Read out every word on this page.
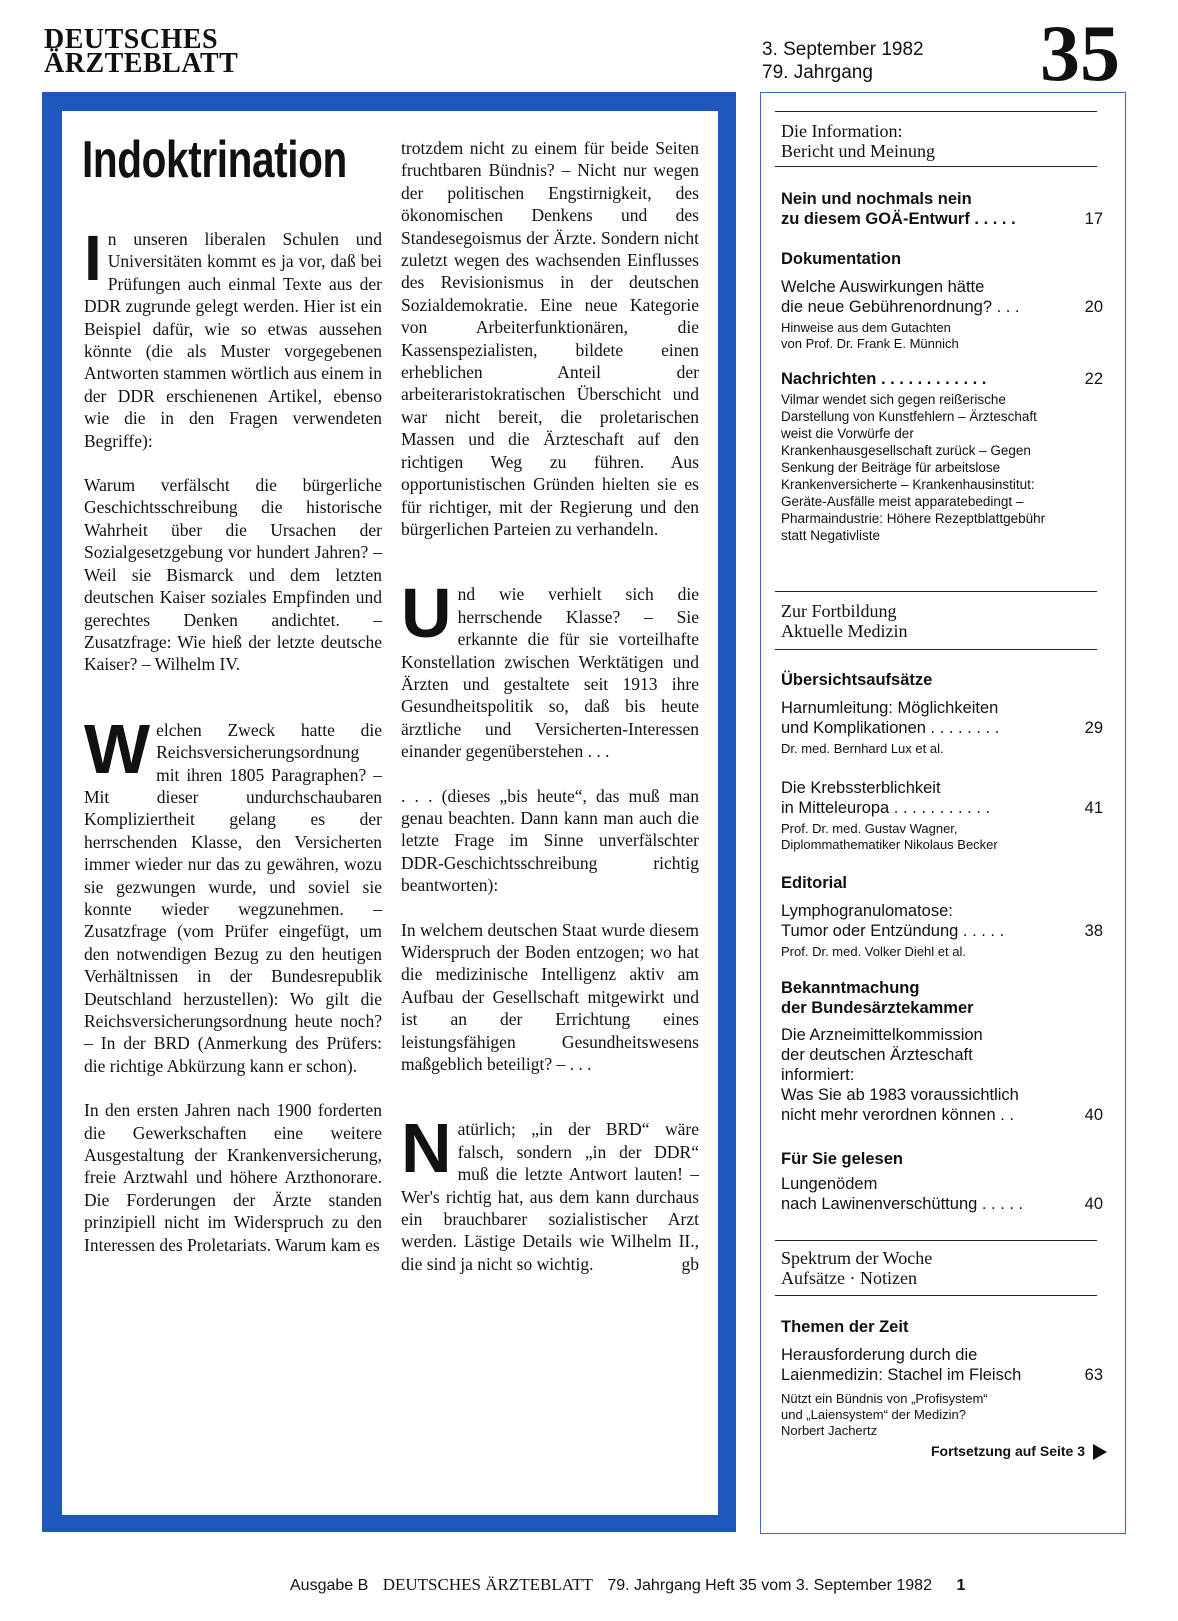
DEUTSCHES
ÄRZTEBLATT	3. September 1982
79. Jahrgang	35
Indoktrination

In unseren liberalen Schulen und Universitäten kommt es ja vor, daß bei Prüfungen auch einmal Texte aus der DDR zugrunde gelegt werden. Hier ist ein Beispiel dafür, wie so etwas aussehen könnte (die als Muster vorgegebenen Antworten stammen wörtlich aus einem in der DDR erschienenen Artikel, ebenso wie die in den Fragen verwendeten Begriffe):

Warum verfälscht die bürgerliche Geschichtsschreibung die historische Wahrheit über die Ursachen der Sozialgesetzgebung vor hundert Jahren? – Weil sie Bismarck und dem letzten deutschen Kaiser soziales Empfinden und gerechtes Denken andichtet. – Zusatzfrage: Wie hieß der letzte deutsche Kaiser? – Wilhelm IV.

Welchen Zweck hatte die Reichsversicherungsordnung mit ihren 1805 Paragraphen? – Mit dieser undurchschaubaren Kompliziertheit gelang es der herrschenden Klasse, den Versicherten immer wieder nur das zu gewähren, wozu sie gezwungen wurde, und soviel sie konnte wieder wegzunehmen. – Zusatzfrage (vom Prüfer eingefügt, um den notwendigen Bezug zu den heutigen Verhältnissen in der Bundesrepublik Deutschland herzustellen): Wo gilt die Reichsversicherungsordnung heute noch? – In der BRD (Anmerkung des Prüfers: die richtige Abkürzung kann er schon).

In den ersten Jahren nach 1900 forderten die Gewerkschaften eine weitere Ausgestaltung der Krankenversicherung, freie Arztwahl und höhere Arzthonorare. Die Forderungen der Ärzte standen prinzipiell nicht im Widerspruch zu den Interessen des Proletariats. Warum kam es

trotzdem nicht zu einem für beide Seiten fruchtbaren Bündnis? – Nicht nur wegen der politischen Engstirnigkeit, des ökonomischen Denkens und des Standesegoismus der Ärzte. Sondern nicht zuletzt wegen des wachsenden Einflusses des Revisionismus in der deutschen Sozialdemokratie. Eine neue Kategorie von Arbeiterfunktionären, die Kassenspezialisten, bildete einen erheblichen Anteil der arbeiteraristokratischen Überschicht und war nicht bereit, die proletarischen Massen und die Ärzteschaft auf den richtigen Weg zu führen. Aus opportunistischen Gründen hielten sie es für richtiger, mit der Regierung und den bürgerlichen Parteien zu verhandeln.

Und wie verhielt sich die herrschende Klasse? – Sie erkannte die für sie vorteilhafte Konstellation zwischen Werktätigen und Ärzten und gestaltete seit 1913 ihre Gesundheitspolitik so, daß bis heute ärztliche und Versicherten-Interessen einander gegenüberstehen . . .

. . . (dieses „bis heute“, das muß man genau beachten. Dann kann man auch die letzte Frage im Sinne unverfälschter DDR-Geschichtsschreibung richtig beantworten):

In welchem deutschen Staat wurde diesem Widerspruch der Boden entzogen; wo hat die medizinische Intelligenz aktiv am Aufbau der Gesellschaft mitgewirkt und ist an der Errichtung eines leistungsfähigen Gesundheitswesens maßgeblich beteiligt? – . . .

Natürlich; „in der BRD“ wäre falsch, sondern „in der DDR“ muß die letzte Antwort lauten! – Wer's richtig hat, aus dem kann durchaus ein brauchbarer sozialistischer Arzt werden. Lästige Details wie Wilhelm II., die sind ja nicht so wichtig.	gb
Die Information:
Bericht und Meinung
Nein und nochmals nein
zu diesem GOÄ-Entwurf . . . . .	17
Dokumentation
Welche Auswirkungen hätte
die neue Gebührenordnung? . . .	20
Hinweise aus dem Gutachten
von Prof. Dr. Frank E. Münnich
Nachrichten . . . . . . . . . . . .	22
Vilmar wendet sich gegen reißerische Darstellung von Kunstfehlern – Ärzteschaft weist die Vorwürfe der Krankenhausgesellschaft zurück – Gegen Senkung der Beiträge für arbeitslose Krankenversicherte – Krankenhausinstitut: Geräte-Ausfälle meist apparatebedingt – Pharmaindustrie: Höhere Rezeptblattgebühr statt Negativliste
Zur Fortbildung
Aktuelle Medizin
Übersichtsaufsätze
Harnumleitung: Möglichkeiten
und Komplikationen . . . . . . . .	29
Dr. med. Bernhard Lux et al.
Die Krebssterblichkeit
in Mitteleuropa . . . . . . . . . . .	41
Prof. Dr. med. Gustav Wagner,
Diplommathematiker Nikolaus Becker
Editorial
Lymphogranulomatose:
Tumor oder Entzündung . . . . .	38
Prof. Dr. med. Volker Diehl et al.
Bekanntmachung
der Bundesärztekammer
Die Arzneimittelkommission
der deutschen Ärzteschaft
informiert:
Was Sie ab 1983 voraussichtlich
nicht mehr verordnen können . .	40
Für Sie gelesen
Lungenödem
nach Lawinenverschüttung . . . . .	40
Spektrum der Woche
Aufsätze · Notizen
Themen der Zeit
Herausforderung durch die
Laienmedizin: Stachel im Fleisch	63
Nützt ein Bündnis von „Profisystem“
und „Laiensystem“ der Medizin?
Norbert Jachertz
Fortsetzung auf Seite 3
Ausgabe B DEUTSCHES ÄRZTEBLATT 79. Jahrgang Heft 35 vom 3. September 1982 1
